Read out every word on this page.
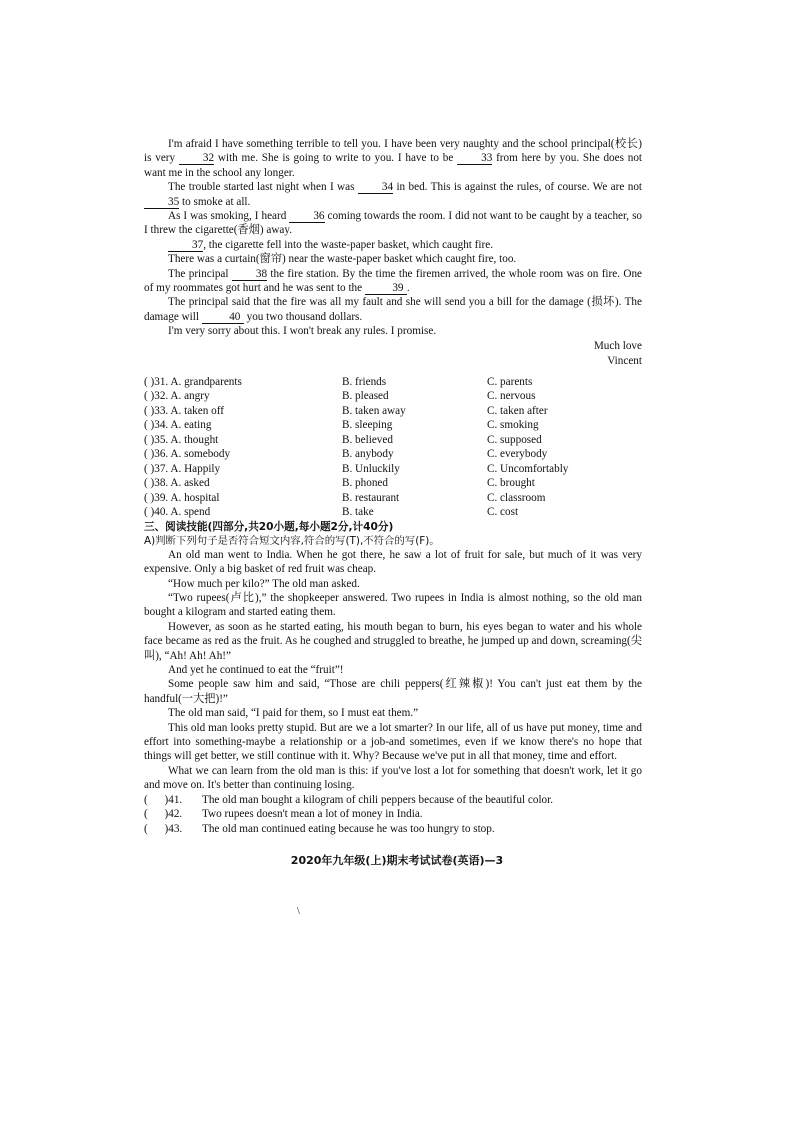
I'm afraid I have something terrible to tell you. I have been very naughty and the school principal(校长) is very 32 with me. She is going to write to you. I have to be 33 from here by you. She does not want me in the school any longer.

The trouble started last night when I was 34 in bed. This is against the rules, of course. We are not 35 to smoke at all.

As I was smoking, I heard 36 coming towards the room. I did not want to be caught by a teacher, so I threw the cigarette(香烟) away.

37, the cigarette fell into the waste-paper basket, which caught fire.

There was a curtain(窗帘) near the waste-paper basket which caught fire, too.

The principal 38 the fire station. By the time the firemen arrived, the whole room was on fire. One of my roommates got hurt and he was sent to the	39 .

The principal said that the fire was all my fault and she will send you a bill for the damage (损坏). The damage will	40 you two thousand dollars.

I'm very sorry about this. I won't break any rules. I promise.

Much love
Vincent
( )31. A. grandparents	B. friends	C. parents
( )32. A. angry	B. pleased	C. nervous
( )33. A. taken off	B. taken away	C. taken after
( )34. A. eating	B. sleeping	C. smoking
( )35. A. thought	B. believed	C. supposed
( )36. A. somebody	B. anybody	C. everybody
( )37. A. Happily	B. Unluckily	C. Uncomfortably
( )38. A. asked	B. phoned	C. brought
( )39. A. hospital	B. restaurant	C. classroom
( )40. A. spend	B. take	C. cost
三、阅读技能(四部分,共20小题,每小题2分,计40分)
A)判断下列句子是否符合短文内容,符合的写(T),不符合的写(F)。

An old man went to India. When he got there, he saw a lot of fruit for sale, but much of it was very expensive. Only a big basket of red fruit was cheap.

“How much per kilo?” The old man asked.

“Two rupees(卢比),” the shopkeeper answered. Two rupees in India is almost nothing, so the old man bought a kilogram and started eating them.

However, as soon as he started eating, his mouth began to burn, his eyes began to water and his whole face became as red as the fruit. As he coughed and struggled to breathe, he jumped up and down, screaming(尖叫), “Ah! Ah! Ah!”

And yet he continued to eat the “fruit”!

Some people saw him and said, “Those are chili peppers(红辣椒)! You can't just eat them by the handful(一大把)!”

The old man said, “I paid for them, so I must eat them.”

This old man looks pretty stupid. But are we a lot smarter? In our life, all of us have put money, time and effort into something-maybe a relationship or a job-and sometimes, even if we know there's no hope that things will get better, we still continue with it. Why? Because we've put in all that money, time and effort.

What we can learn from the old man is this: if you've lost a lot for something that doesn't work, let it go and move on. It's better than continuing losing.

(      )41.	The old man bought a kilogram of chili peppers because of the beautiful color.
(      )42.	Two rupees doesn't mean a lot of money in India.
(      )43.	The old man continued eating because he was too hungry to stop.
2020年九年级(上)期末考试试卷(英语)—3
\
